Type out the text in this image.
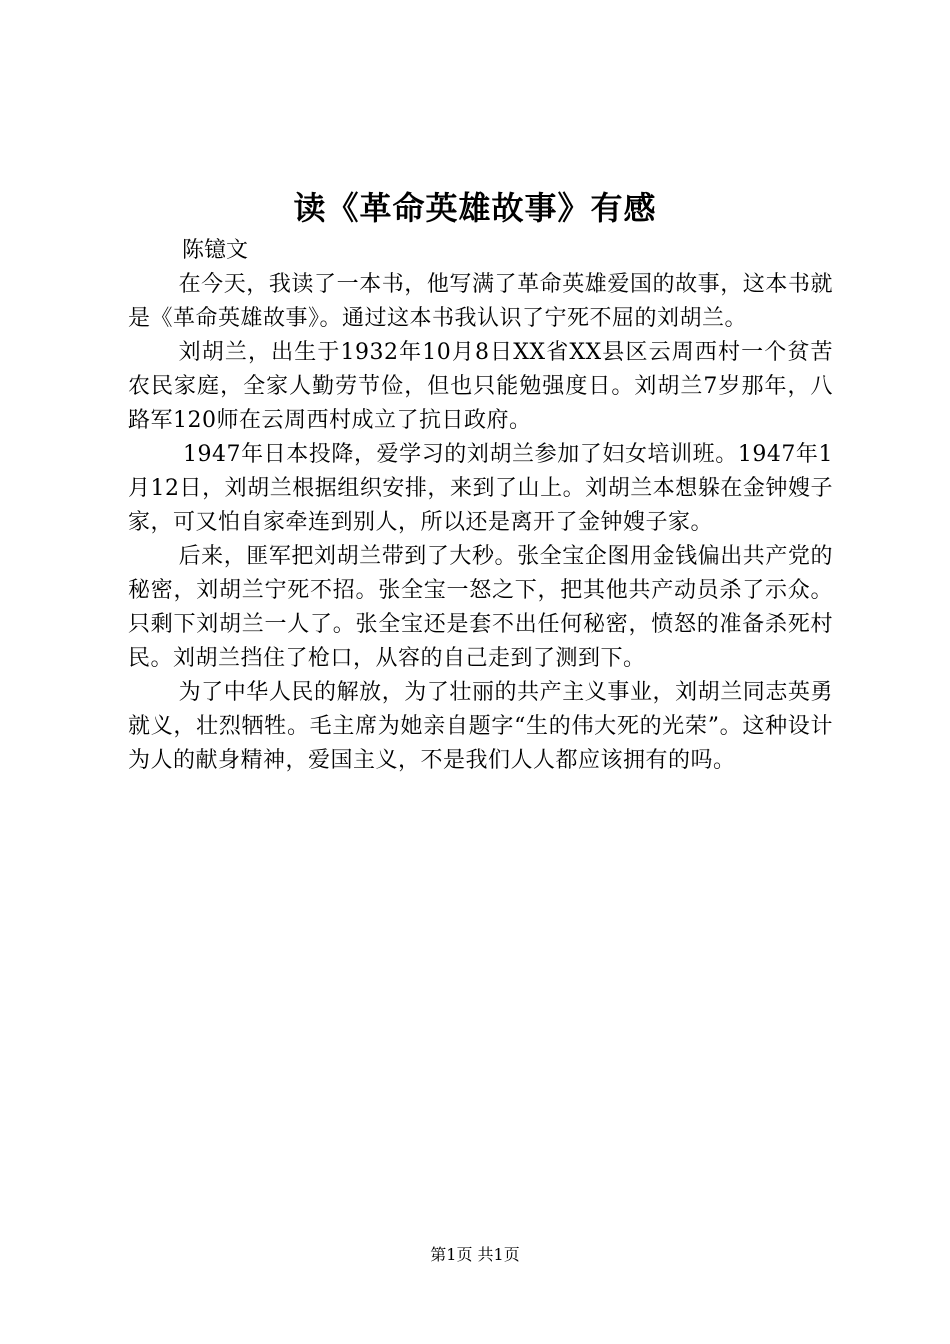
读《革命英雄故事》有感
陈镱文

在今天，我读了一本书，他写满了革命英雄爱国的故事，这本书就是《革命英雄故事》。通过这本书我认识了宁死不屈的刘胡兰。

刘胡兰，出生于1932年10月8日XX省XX县区云周西村一个贫苦农民家庭，全家人勤劳节俭，但也只能勉强度日。刘胡兰7岁那年，八路军120师在云周西村成立了抗日政府。

1947年日本投降，爱学习的刘胡兰参加了妇女培训班。1947年1月12日，刘胡兰根据组织安排，来到了山上。刘胡兰本想躲在金钟嫂子家，可又怕自家牵连到别人，所以还是离开了金钟嫂子家。

后来，匪军把刘胡兰带到了大秒。张全宝企图用金钱偏出共产党的秘密，刘胡兰宁死不招。张全宝一怒之下，把其他共产动员杀了示众。只剩下刘胡兰一人了。张全宝还是套不出任何秘密，愤怒的准备杀死村民。刘胡兰挡住了枪口，从容的自己走到了测到下。

为了中华人民的解放，为了壮丽的共产主义事业，刘胡兰同志英勇就义，壮烈牺牲。毛主席为她亲自题字“生的伟大死的光荣”。这种设计为人的献身精神，爱国主义，不是我们人人都应该拥有的吗。

第1页 共1页
